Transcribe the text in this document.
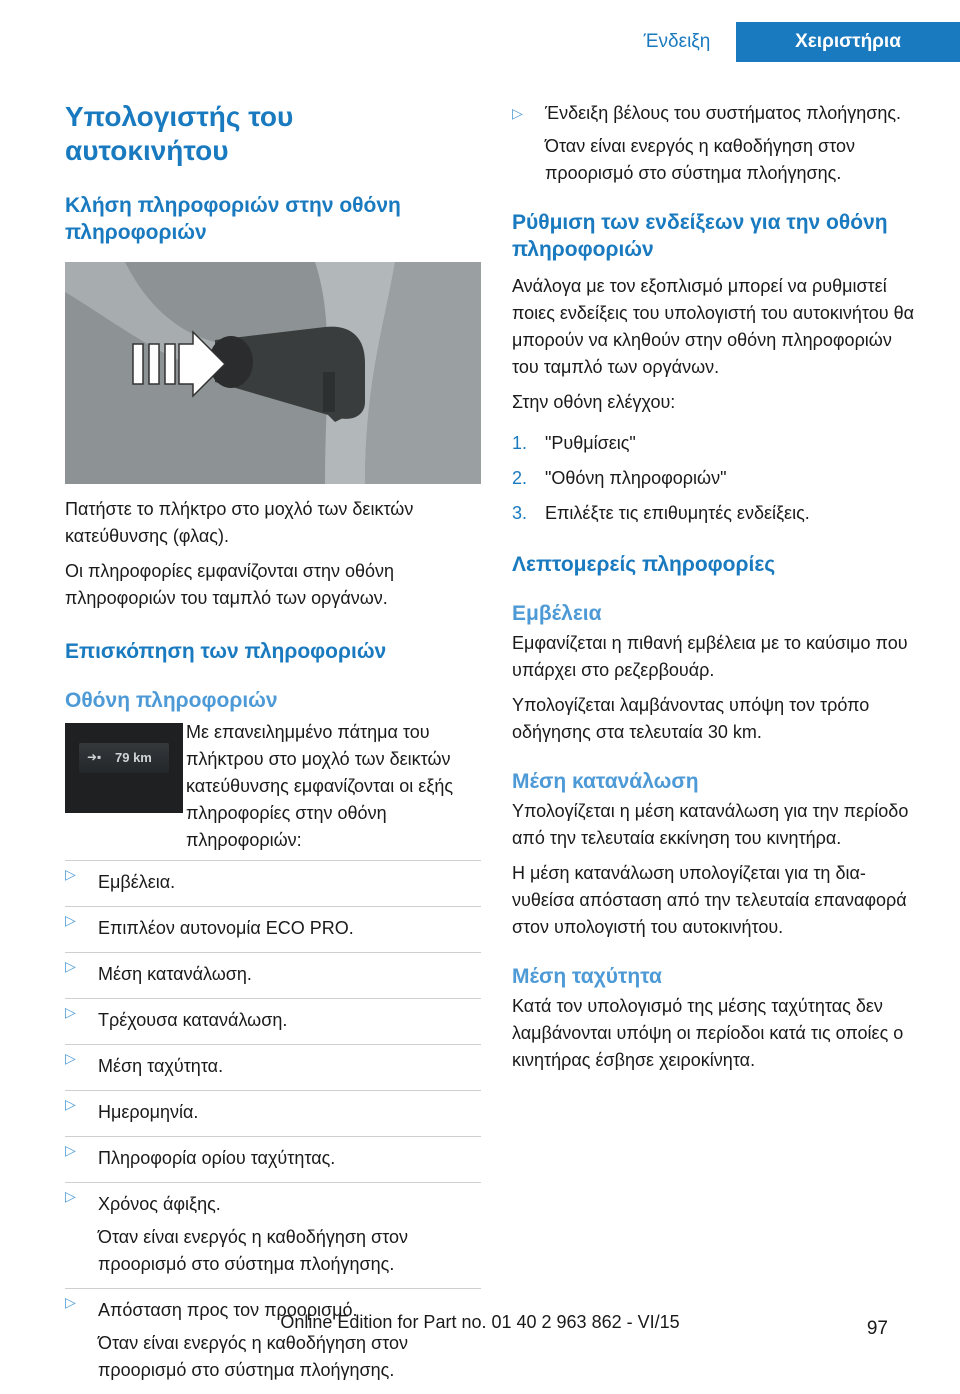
Ένδειξη	Χειριστήρια
Υπολογιστής του αυτοκινήτου
Κλήση πληροφοριών στην οθόνη πληροφοριών

Πατήστε το πλήκτρο στο μοχλό των δεικτών κατεύθυνσης (φλας).

Οι πληροφορίες εμφανίζονται στην οθόνη πληροφοριών του ταμπλό των οργάνων.

Επισκόπηση των πληροφοριών
Οθόνη πληροφοριών
➜▪ 79 km

Με επανειλημμένο πάτημα του πλήκτρου στο μοχλό των δεικτών κατεύθυνσης εμφανίζονται οι εξής πληροφορίες στην οθόνη πληροφοριών:

▷ Εμβέλεια.
▷ Επιπλέον αυτονομία ECO PRO.
▷ Μέση κατανάλωση.
▷ Τρέχουσα κατανάλωση.
▷ Μέση ταχύτητα.
▷ Ημερομηνία.
▷ Πληροφορία ορίου ταχύτητας.
▷ Χρόνος άφιξης.
Όταν είναι ενεργός η καθοδήγηση στον προορισμό στο σύστημα πλοήγησης.
▷ Απόσταση προς τον προορισμό.
Όταν είναι ενεργός η καθοδήγηση στον προορισμό στο σύστημα πλοήγησης.
▷ Ένδειξη βέλους του συστήματος πλοήγησης.
Όταν είναι ενεργός η καθοδήγηση στον προορισμό στο σύστημα πλοήγησης.
Ρύθμιση των ενδείξεων για την οθόνη πληροφοριών

Ανάλογα με τον εξοπλισμό μπορεί να ρυθμιστεί ποιες ενδείξεις του υπολογιστή του αυτοκινήτου θα μπορούν να κληθούν στην οθόνη πληροφοριών του ταμπλό των οργάνων.

Στην οθόνη ελέγχου:

1. "Ρυθμίσεις"
2. "Οθόνη πληροφοριών"
3. Επιλέξτε τις επιθυμητές ενδείξεις.
Λεπτομερείς πληροφορίες
Εμβέλεια

Εμφανίζεται η πιθανή εμβέλεια με το καύσιμο που υπάρχει στο ρεζερβουάρ.

Υπολογίζεται λαμβάνοντας υπόψη τον τρόπο οδήγησης στα τελευταία 30 km.

Μέση κατανάλωση

Υπολογίζεται η μέση κατανάλωση για την περίοδο από την τελευταία εκκίνηση του κινητήρα.

Η μέση κατανάλωση υπολογίζεται για τη διανυθείσα απόσταση από την τελευταία επαναφορά στον υπολογιστή του αυτοκινήτου.

Μέση ταχύτητα

Κατά τον υπολογισμό της μέσης ταχύτητας δεν λαμβάνονται υπόψη οι περίοδοι κατά τις οποίες ο κινητήρας έσβησε χειροκίνητα.

Online Edition for Part no. 01 40 2 963 862 - VI/15	97
